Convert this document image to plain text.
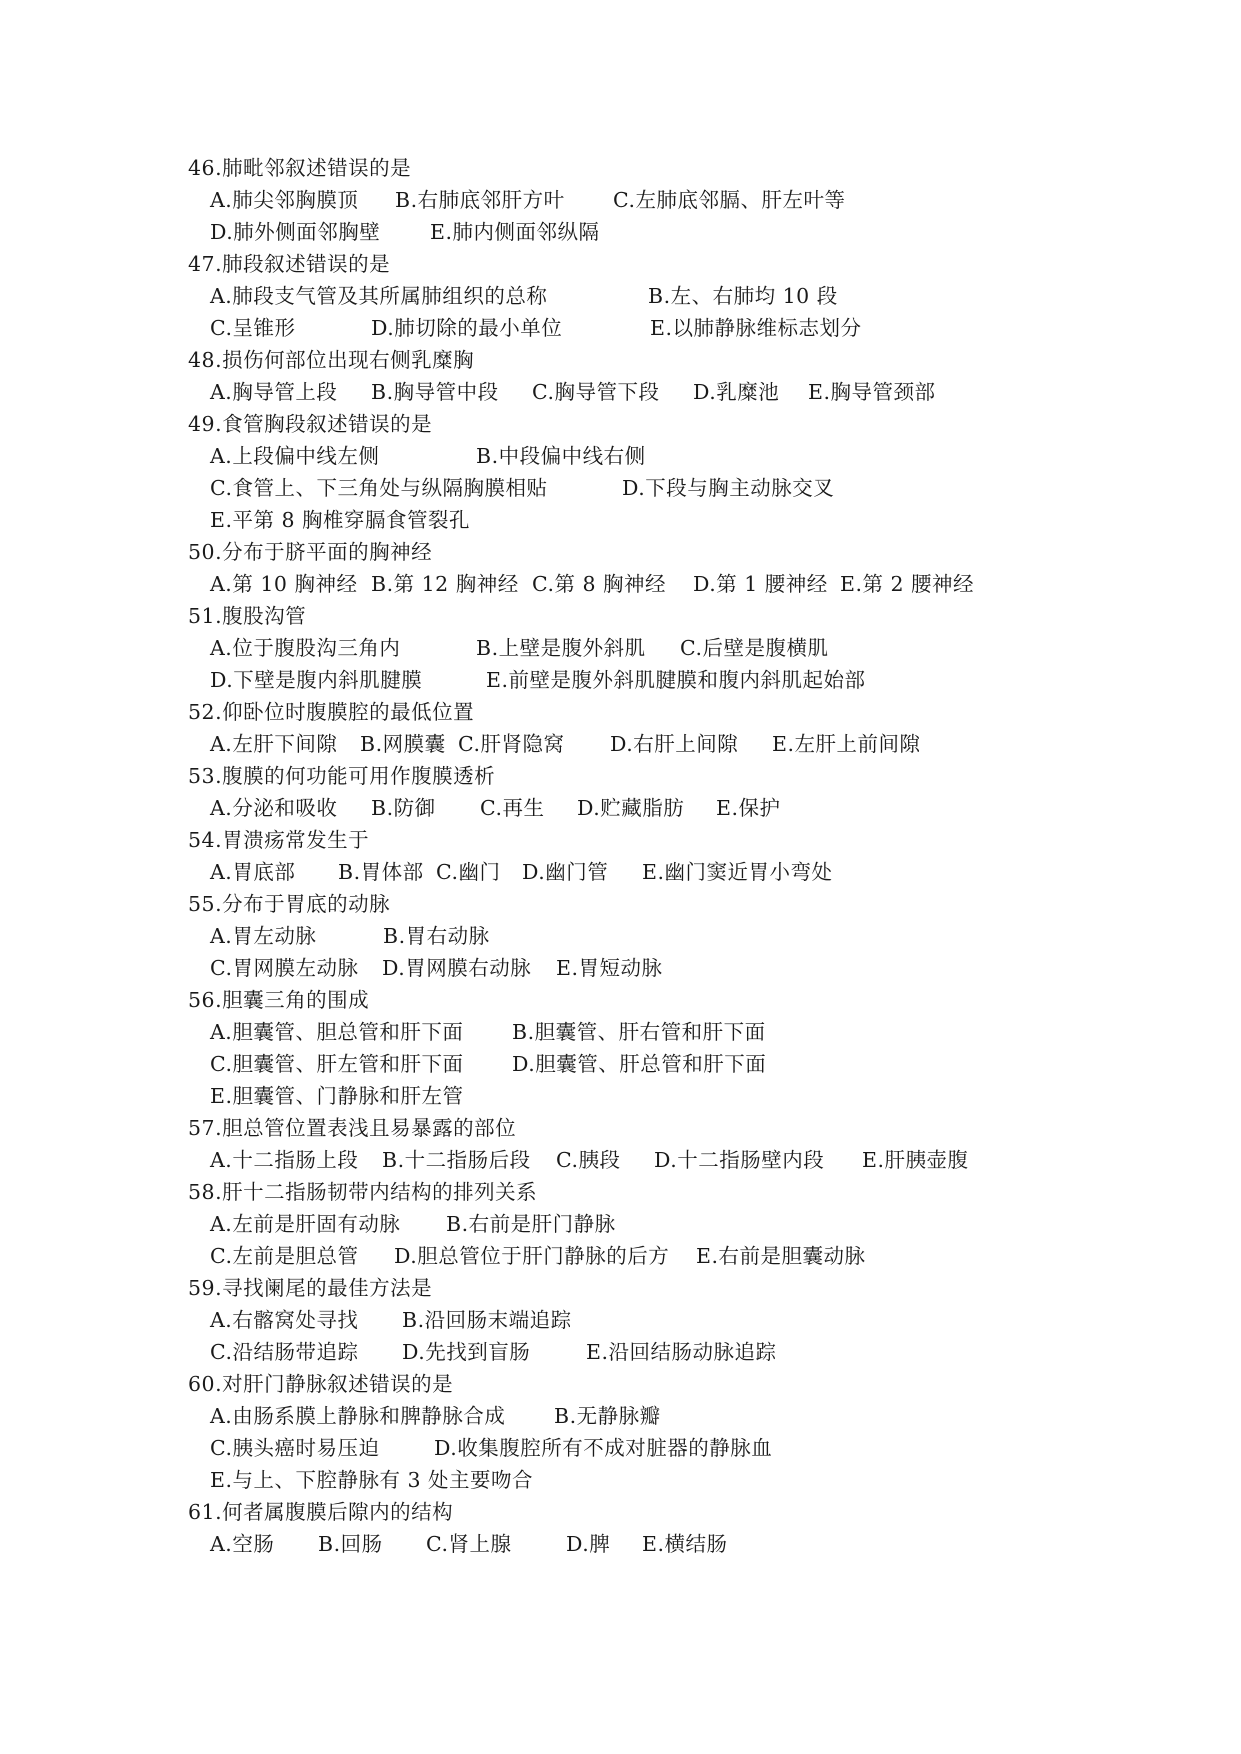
46.肺毗邻叙述错误的是
A.肺尖邻胸膜顶 B.右肺底邻肝方叶 C.左肺底邻膈、肝左叶等
D.肺外侧面邻胸壁 E.肺内侧面邻纵隔
47.肺段叙述错误的是
A.肺段支气管及其所属肺组织的总称	B.左、右肺均 10 段
C.呈锥形	D.肺切除的最小单位	E.以肺静脉维标志划分
48.损伤何部位出现右侧乳糜胸
A.胸导管上段 B.胸导管中段 C.胸导管下段 D.乳糜池 E.胸导管颈部
49.食管胸段叙述错误的是
A.上段偏中线左侧	B.中段偏中线右侧
C.食管上、下三角处与纵隔胸膜相贴	D.下段与胸主动脉交叉
E.平第 8 胸椎穿膈食管裂孔
50.分布于脐平面的胸神经
A.第 10 胸神经 B.第 12 胸神经 C.第 8 胸神经 D.第 1 腰神经 E.第 2 腰神经
51.腹股沟管
A.位于腹股沟三角内	B.上壁是腹外斜肌 C.后壁是腹横肌
D.下壁是腹内斜肌腱膜	E.前壁是腹外斜肌腱膜和腹内斜肌起始部
52.仰卧位时腹膜腔的最低位置
A.左肝下间隙 B.网膜囊 C.肝肾隐窝 D.右肝上间隙 E.左肝上前间隙
53.腹膜的何功能可用作腹膜透析
A.分泌和吸收 B.防御 C.再生 D.贮藏脂肪 E.保护
54.胃溃疡常发生于
A.胃底部 B.胃体部 C.幽门 D.幽门管 E.幽门窦近胃小弯处
55.分布于胃底的动脉
A.胃左动脉	B.胃右动脉
C.胃网膜左动脉 D.胃网膜右动脉 E.胃短动脉
56.胆囊三角的围成
A.胆囊管、胆总管和肝下面 B.胆囊管、肝右管和肝下面
C.胆囊管、肝左管和肝下面 D.胆囊管、肝总管和肝下面
E.胆囊管、门静脉和肝左管
57.胆总管位置表浅且易暴露的部位
A.十二指肠上段 B.十二指肠后段 C.胰段 D.十二指肠壁内段 E.肝胰壶腹
58.肝十二指肠韧带内结构的排列关系
A.左前是肝固有动脉 B.右前是肝门静脉
C.左前是胆总管 D.胆总管位于肝门静脉的后方 E.右前是胆囊动脉
59.寻找阑尾的最佳方法是
A.右髂窝处寻找 B.沿回肠末端追踪
C.沿结肠带追踪 D.先找到盲肠	E.沿回结肠动脉追踪
60.对肝门静脉叙述错误的是
A.由肠系膜上静脉和脾静脉合成 B.无静脉瓣
C.胰头癌时易压迫	D.收集腹腔所有不成对脏器的静脉血
E.与上、下腔静脉有 3 处主要吻合
61.何者属腹膜后隙内的结构
A.空肠 B.回肠 C.肾上腺	D.脾 E.横结肠
